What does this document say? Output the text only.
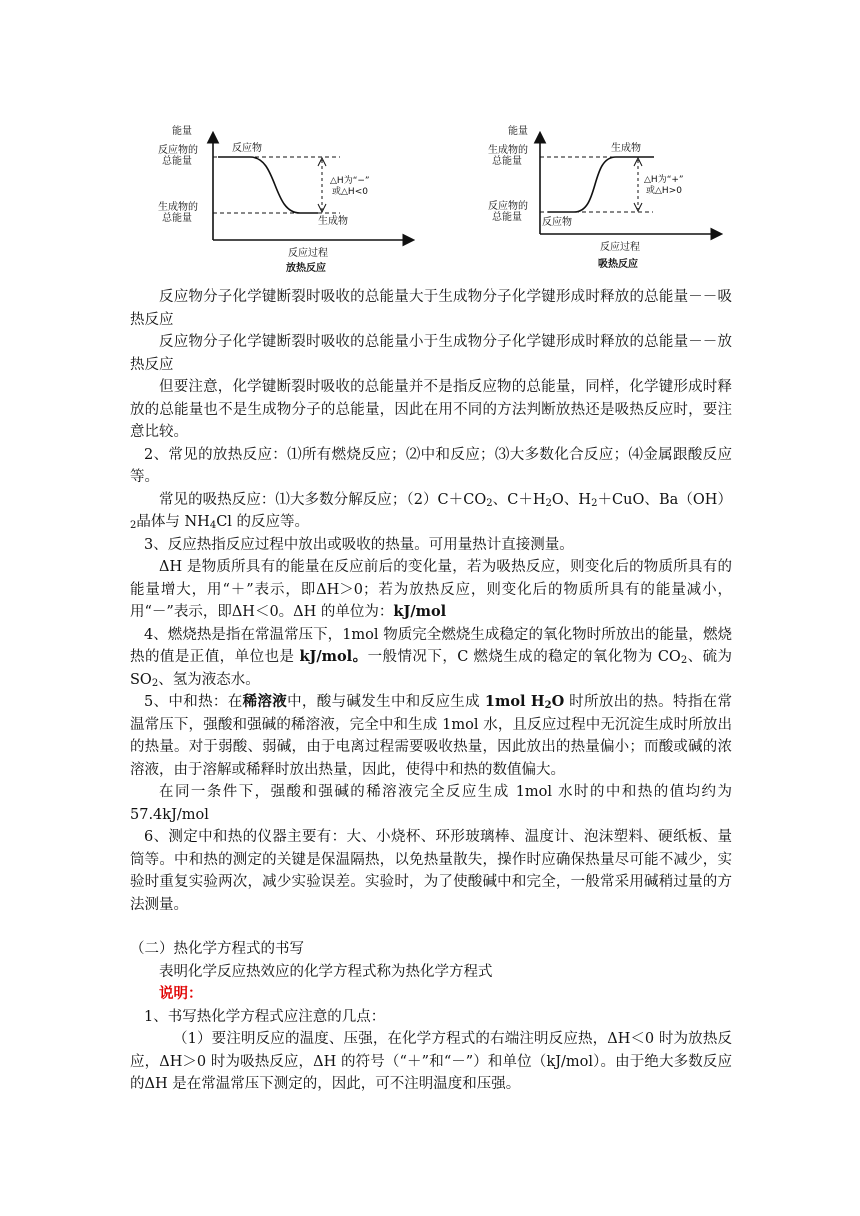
能量
反应物的
总能量
生成物的
总能量
反应物
生成物
△H为“−”
或△H<0
反应过程
放热反应
能量
生成物的
总能量
反应物的
总能量
生成物
反应物
△H为“+”
或△H>0
反应过程
吸热反应

反应物分子化学键断裂时吸收的总能量大于生成物分子化学键形成时释放的总能量－－吸热反应

反应物分子化学键断裂时吸收的总能量小于生成物分子化学键形成时释放的总能量－－放热反应

但要注意，化学键断裂时吸收的总能量并不是指反应物的总能量，同样，化学键形成时释放的总能量也不是生成物分子的总能量，因此在用不同的方法判断放热还是吸热反应时，要注意比较。

2、常见的放热反应：⑴所有燃烧反应；⑵中和反应；⑶大多数化合反应；⑷金属跟酸反应等。

常见的吸热反应：⑴大多数分解反应；$(2)C+CO_2$、$C+H_2O$、$H_2+CuO$、$Ba(OH)_2$晶体与 $NH_4Cl$ 的反应等。

3、反应热指反应过程中放出或吸收的热量。可用量热计直接测量。

ΔH 是物质所具有的能量在反应前后的变化量，若为吸热反应，则变化后的物质所具有的能量增大，用“＋”表示，即ΔH＞0；若为放热反应，则变化后的物质所具有的能量减小，用“－”表示，即ΔH＜0。ΔH 的单位为：kJ/mol

4、燃烧热是指在常温常压下，1mol 物质完全燃烧生成稳定的氧化物时所放出的能量，燃烧热的值是正值，单位也是 kJ/mol。一般情况下，C 燃烧生成的稳定的氧化物为 $CO_2$、硫为 $SO_2$、氢为液态水。

5、中和热：在稀溶液中，酸与碱发生中和反应生成 1mol $H_2O$ 时所放出的热。特指在常温常压下，强酸和强碱的稀溶液，完全中和生成 1mol 水，且反应过程中无沉淀生成时所放出的热量。对于弱酸、弱碱，由于电离过程需要吸收热量，因此放出的热量偏小；而酸或碱的浓溶液，由于溶解或稀释时放出热量，因此，使得中和热的数值偏大。

在同一条件下，强酸和强碱的稀溶液完全反应生成 1mol 水时的中和热的值均约为 57.4kJ/mol

6、测定中和热的仪器主要有：大、小烧杯、环形玻璃棒、温度计、泡沫塑料、硬纸板、量筒等。中和热的测定的关键是保温隔热，以免热量散失，操作时应确保热量尽可能不减少，实验时重复实验两次，减少实验误差。实验时，为了使酸碱中和完全，一般常采用碱稍过量的方法测量。

（二）热化学方程式的书写

表明化学反应热效应的化学方程式称为热化学方程式

说明：

1、书写热化学方程式应注意的几点：

（1）要注明反应的温度、压强，在化学方程式的右端注明反应热，ΔH＜0 时为放热反应，ΔH＞0 时为吸热反应，ΔH 的符号（“＋”和“－”）和单位（kJ/mol）。由于绝大多数反应的ΔH 是在常温常压下测定的，因此，可不注明温度和压强。
